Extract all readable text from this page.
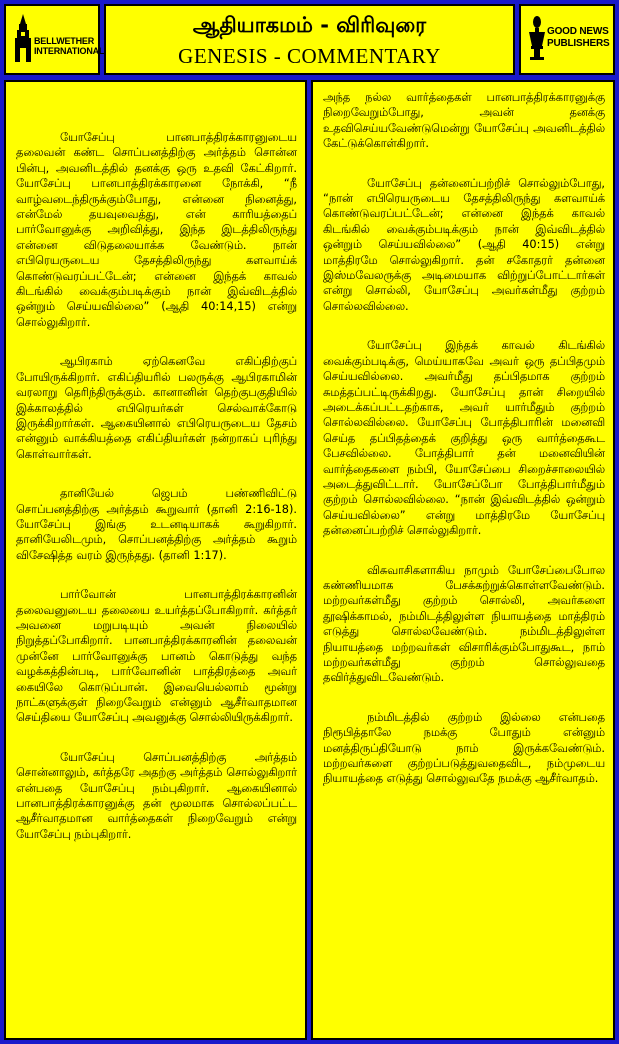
BELLWETHER INTERNATIONAL
ஆதியாகமம் - விரிவுரை
GENESIS - COMMENTARY
GOOD NEWS PUBLISHERS

யோசேப்பு பானபாத்திரக்காரனுடைய தலைவன் கண்ட சொப்பனத்திற்கு அர்த்தம் சொன்ன பின்பு, அவனிடத்தில் தனக்கு ஒரு உதவி கேட்கிறார். யோசேப்பு பானபாத்திரக்காரனை நோக்கி, “நீ வாழ்வடைந்திருக்கும்போது, என்னை நினைத்து, என்மேல் தயவுவைத்து, என் காரியத்தைப் பார்வோனுக்கு அறிவித்து, இந்த இடத்திலிருந்து என்னை விடுதலையாக்க வேண்டும். நான் எபிரெயருடைய தேசத்திலிருந்து களவாய்க் கொண்டுவரப்பட்டேன்; என்னை இந்தக் காவல் கிடங்கில் வைக்கும்படிக்கும் நான் இவ்விடத்தில் ஒன்றும் செய்யவில்லை” (ஆதி 40:14,15) என்று சொல்லுகிறார்.

ஆபிரகாம் ஏற்கெனவே எகிப்திற்குப் போயிருக்கிறார். எகிப்தியரில் பலருக்கு ஆபிரகாமின் வரலாறு தெரிந்திருக்கும். கானானின் தெற்குபகுதியில் இக்காலத்தில் எபிரெயர்கள் செல்வாக்கோடு இருக்கிறார்கள். ஆகையினால் எபிரெயருடைய தேசம் என்னும் வாக்கியத்தை எகிப்தியர்கள் நன்றாகப் புரிந்து கொள்வார்கள்.

தானியேல் ஜெபம் பண்ணிவிட்டு சொப்பனத்திற்கு அர்த்தம் கூறுவார் (தானி 2:16-18). யோசேப்பு இங்கு உடனடியாகக் கூறுகிறார். தானியேலிடமும், சொப்பனத்திற்கு அர்த்தம் கூறும் விசேஷித்த வரம் இருந்தது. (தானி 1:17).

பார்வோன் பானபாத்திரக்காரனின் தலைவனுடைய தலையை உயர்த்தப்போகிறார். கர்த்தர் அவனை மறுபடியும் அவன் நிலையில் நிறுத்தப்போகிறார். பானபாத்திரக்காரனின் தலைவன் முன்னே பார்வோனுக்கு பானம் கொடுத்து வந்த வழக்கத்தின்படி, பார்வோனின் பாத்திரத்தை அவர் கையிலே கொடுப்பான். இவையெல்லாம் மூன்று நாட்களுக்குள் நிறைவேறும் என்னும் ஆசீர்வாதமான செய்தியை யோசேப்பு அவனுக்கு சொல்லியிருக்கிறார்.

யோசேப்பு சொப்பனத்திற்கு அர்த்தம் சொன்னாலும், கர்த்தரே அதற்கு அர்த்தம் சொல்லுகிறார் என்பதை யோசேப்பு நம்புகிறார். ஆகையினால் பானபாத்திரக்காரனுக்கு தன் மூலமாக சொல்லப்பட்ட ஆசீர்வாதமான வார்த்தைகள் நிறைவேறும் என்று யோசேப்பு நம்புகிறார்.

அந்த நல்ல வார்த்தைகள் பானபாத்திரக்காரனுக்கு நிறைவேறும்போது, அவன் தனக்கு உதவிசெய்யவேண்டுமென்று யோசேப்பு அவனிடத்தில் கேட்டுக்கொள்கிறார்.

யோசேப்பு தன்னைப்பற்றிச் சொல்லும்போது, “நான் எபிரெயருடைய தேசத்திலிருந்து களவாய்க் கொண்டுவரப்பட்டேன்; என்னை இந்தக் காவல் கிடங்கில் வைக்கும்படிக்கும் நான் இவ்விடத்தில் ஒன்றும் செய்யவில்லை” (ஆதி 40:15) என்று மாத்திரமே சொல்லுகிறார். தன் சகோதரர் தன்னை இஸ்மவேலருக்கு அடிமையாக விற்றுப்போட்டார்கள் என்று சொல்லி, யோசேப்பு அவர்கள்மீது குற்றம் சொல்லவில்லை.

யோசேப்பு இந்தக் காவல் கிடங்கில் வைக்கும்படிக்கு, மெய்யாகவே அவர் ஒரு தப்பிதமும் செய்யவில்லை. அவர்மீது தப்பிதமாக குற்றம் சுமத்தப்பட்டிருக்கிறது. யோசேப்பு தான் சிறையில் அடைக்கப்பட்டதற்காக, அவர் யார்மீதும் குற்றம் சொல்லவில்லை. யோசேப்பு போத்திபாரின் மனைவி செய்த தப்பிதத்தைக் குறித்து ஒரு வார்த்தைகூட பேசவில்லை. போத்திபார் தன் மனைவியின் வார்த்தைகளை நம்பி, யோசேப்பை சிறைச்சாலையில் அடைத்துவிட்டார். யோசேப்போ போத்திபார்மீதும் குற்றம் சொல்லவில்லை. “நான் இவ்விடத்தில் ஒன்றும் செய்யவில்லை” என்று மாத்திரமே யோசேப்பு தன்னைப்பற்றிச் சொல்லுகிறார்.

விசுவாசிகளாகிய நாமும் யோசேப்பைபோல கண்ணியமாக பேசக்கற்றுக்கொள்ளவேண்டும். மற்றவர்கள்மீது குற்றம் சொல்லி, அவர்களை தூஷிக்காமல், நம்மிடத்திலுள்ள நியாயத்தை மாத்திரம் எடுத்து சொல்லவேண்டும். நம்மிடத்திலுள்ள நியாயத்தை மற்றவர்கள் விசாரிக்கும்போதுகூட, நாம் மற்றவர்கள்மீது குற்றம் சொல்லுவதை தவிர்த்துவிடவேண்டும்.

நம்மிடத்தில் குற்றம் இல்லை என்பதை நிரூபித்தாலே நமக்கு போதும் என்னும் மனத்திருப்தியோடு நாம் இருக்கவேண்டும். மற்றவர்களை குற்றப்படுத்துவதைவிட, நம்முடைய நியாயத்தை எடுத்து சொல்லுவதே நமக்கு ஆசீர்வாதம்.
